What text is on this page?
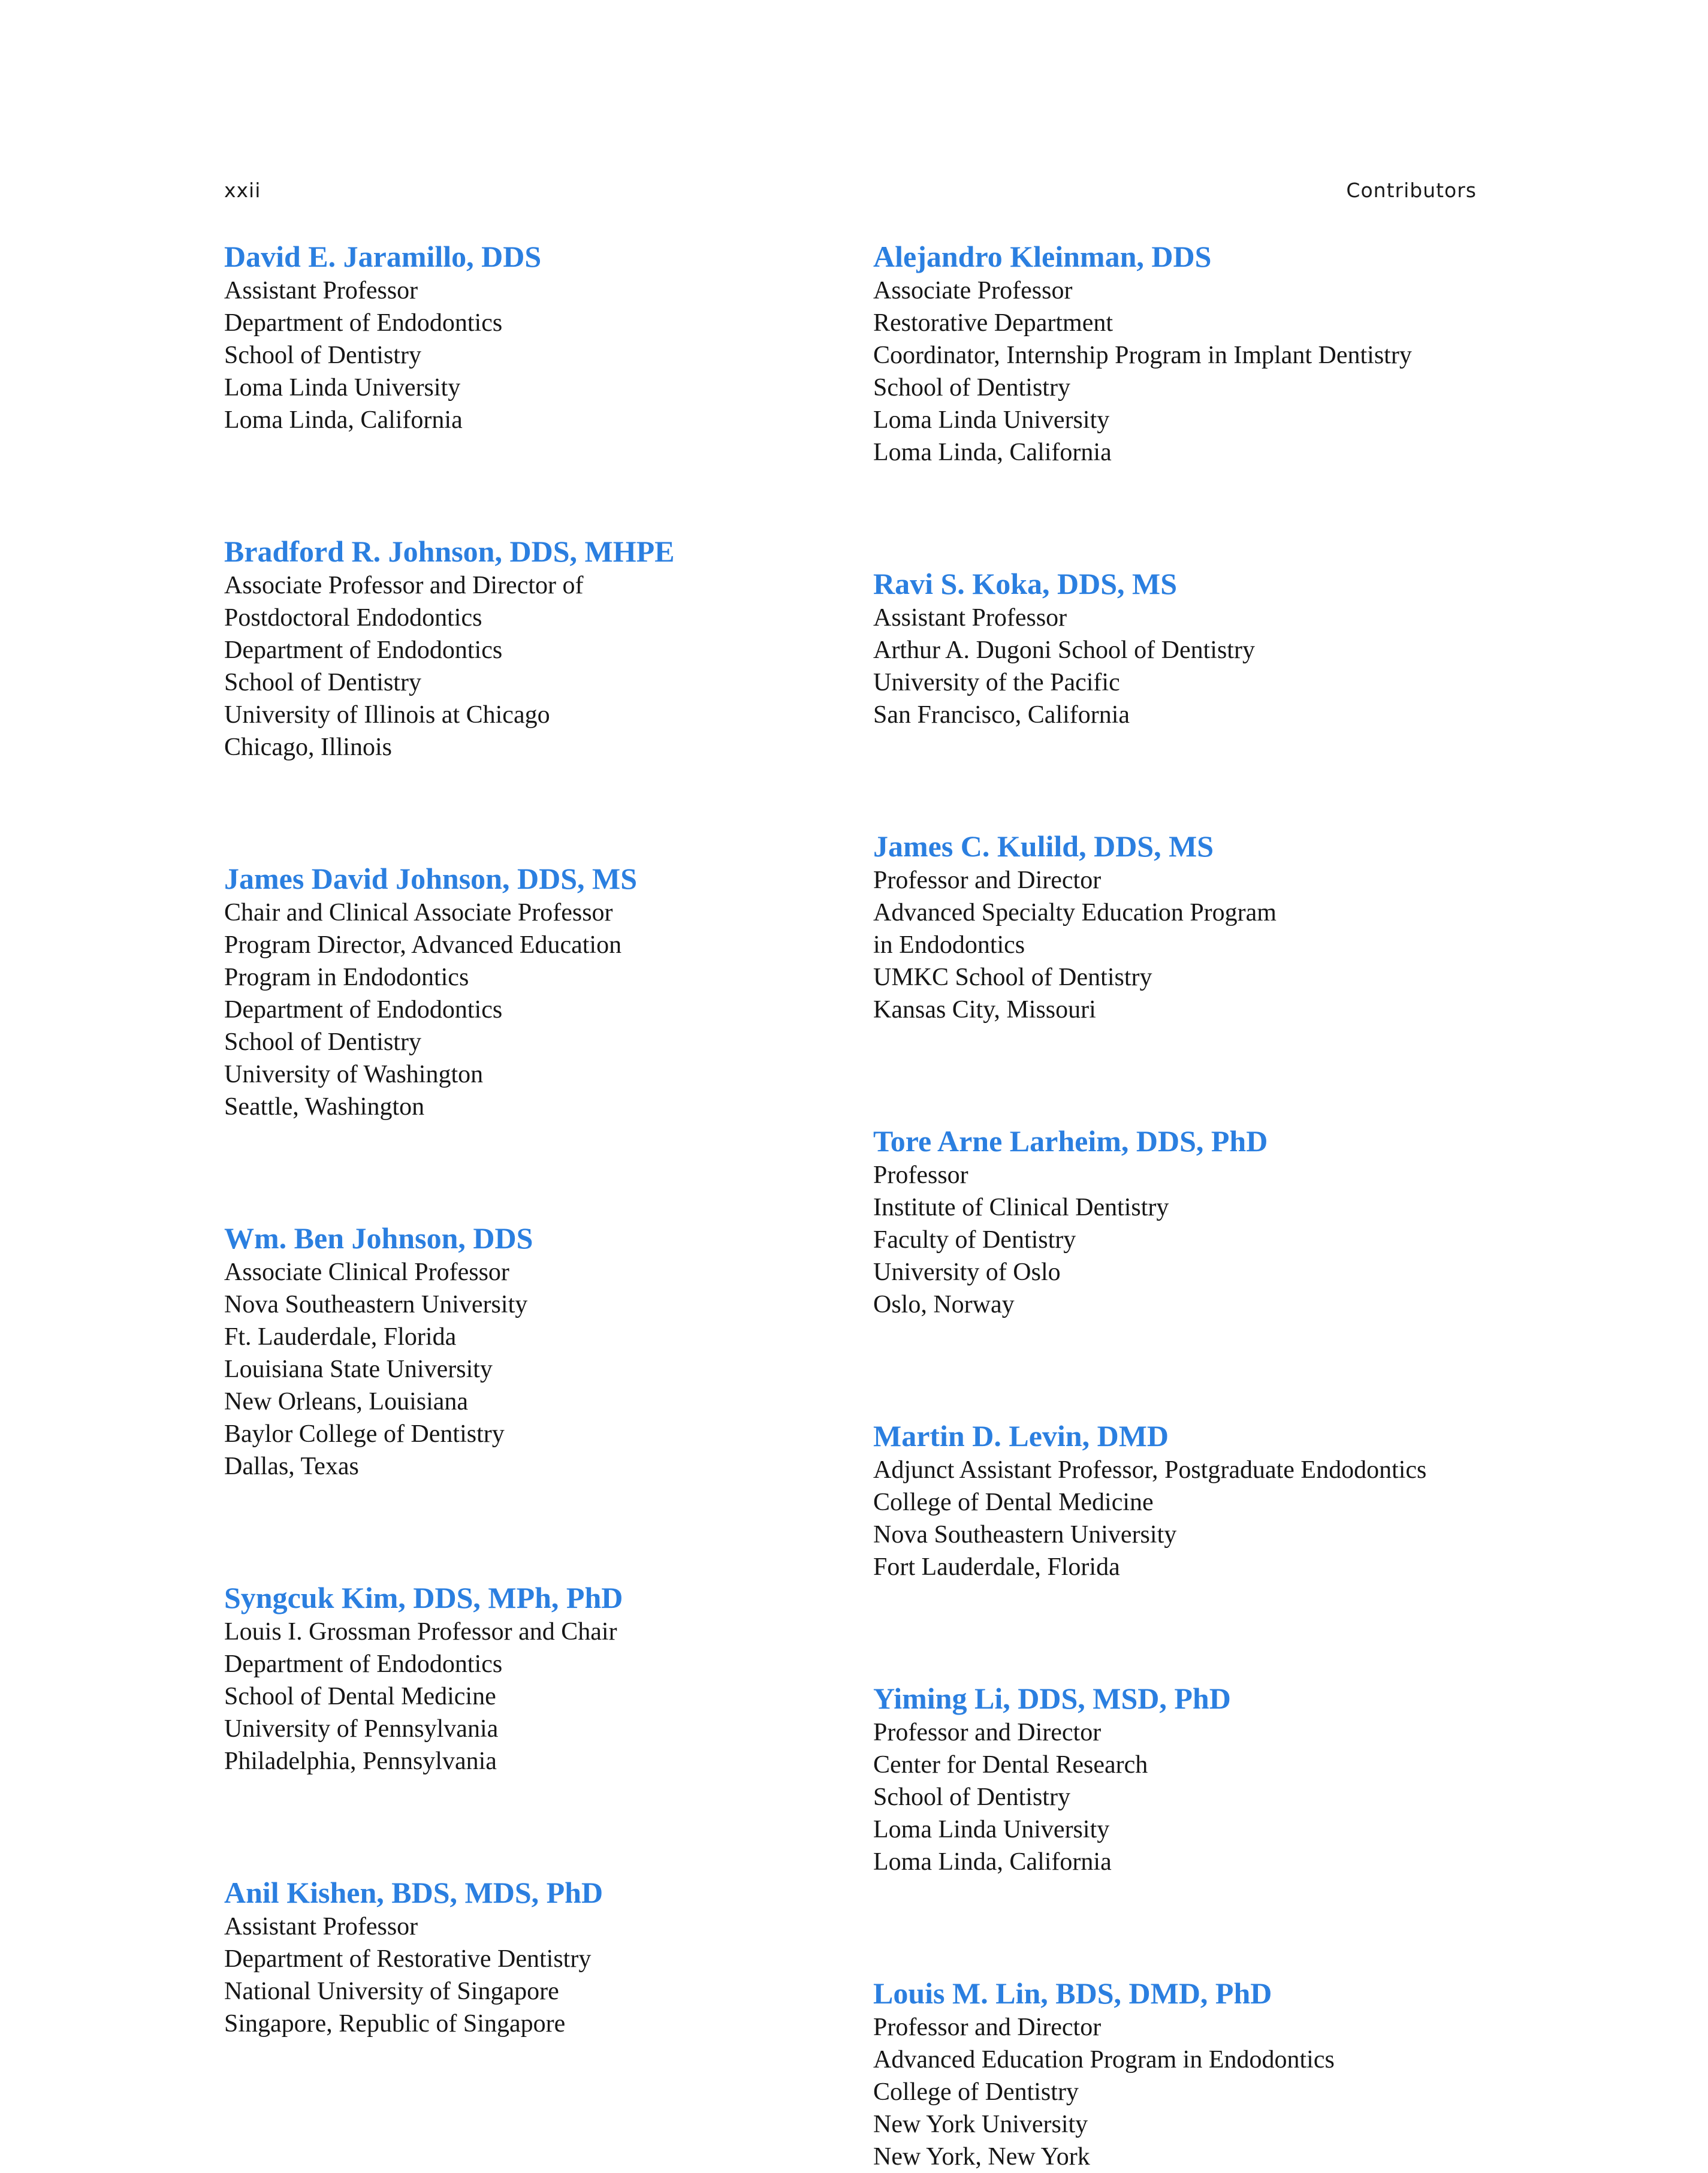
xxii	Contributors
David E. Jaramillo, DDS
Assistant Professor
Department of Endodontics
School of Dentistry
Loma Linda University
Loma Linda, California
Bradford R. Johnson, DDS, MHPE
Associate Professor and Director of
Postdoctoral Endodontics
Department of Endodontics
School of Dentistry
University of Illinois at Chicago
Chicago, Illinois
James David Johnson, DDS, MS
Chair and Clinical Associate Professor
Program Director, Advanced Education
Program in Endodontics
Department of Endodontics
School of Dentistry
University of Washington
Seattle, Washington
Wm. Ben Johnson, DDS
Associate Clinical Professor
Nova Southeastern University
Ft. Lauderdale, Florida
Louisiana State University
New Orleans, Louisiana
Baylor College of Dentistry
Dallas, Texas
Syngcuk Kim, DDS, MPh, PhD
Louis I. Grossman Professor and Chair
Department of Endodontics
School of Dental Medicine
University of Pennsylvania
Philadelphia, Pennsylvania
Anil Kishen, BDS, MDS, PhD
Assistant Professor
Department of Restorative Dentistry
National University of Singapore
Singapore, Republic of Singapore
Alejandro Kleinman, DDS
Associate Professor
Restorative Department
Coordinator, Internship Program in Implant Dentistry
School of Dentistry
Loma Linda University
Loma Linda, California
Ravi S. Koka, DDS, MS
Assistant Professor
Arthur A. Dugoni School of Dentistry
University of the Pacific
San Francisco, California
James C. Kulild, DDS, MS
Professor and Director
Advanced Specialty Education Program
in Endodontics
UMKC School of Dentistry
Kansas City, Missouri
Tore Arne Larheim, DDS, PhD
Professor
Institute of Clinical Dentistry
Faculty of Dentistry
University of Oslo
Oslo, Norway
Martin D. Levin, DMD
Adjunct Assistant Professor, Postgraduate Endodontics
College of Dental Medicine
Nova Southeastern University
Fort Lauderdale, Florida
Yiming Li, DDS, MSD, PhD
Professor and Director
Center for Dental Research
School of Dentistry
Loma Linda University
Loma Linda, California
Louis M. Lin, BDS, DMD, PhD
Professor and Director
Advanced Education Program in Endodontics
College of Dentistry
New York University
New York, New York
